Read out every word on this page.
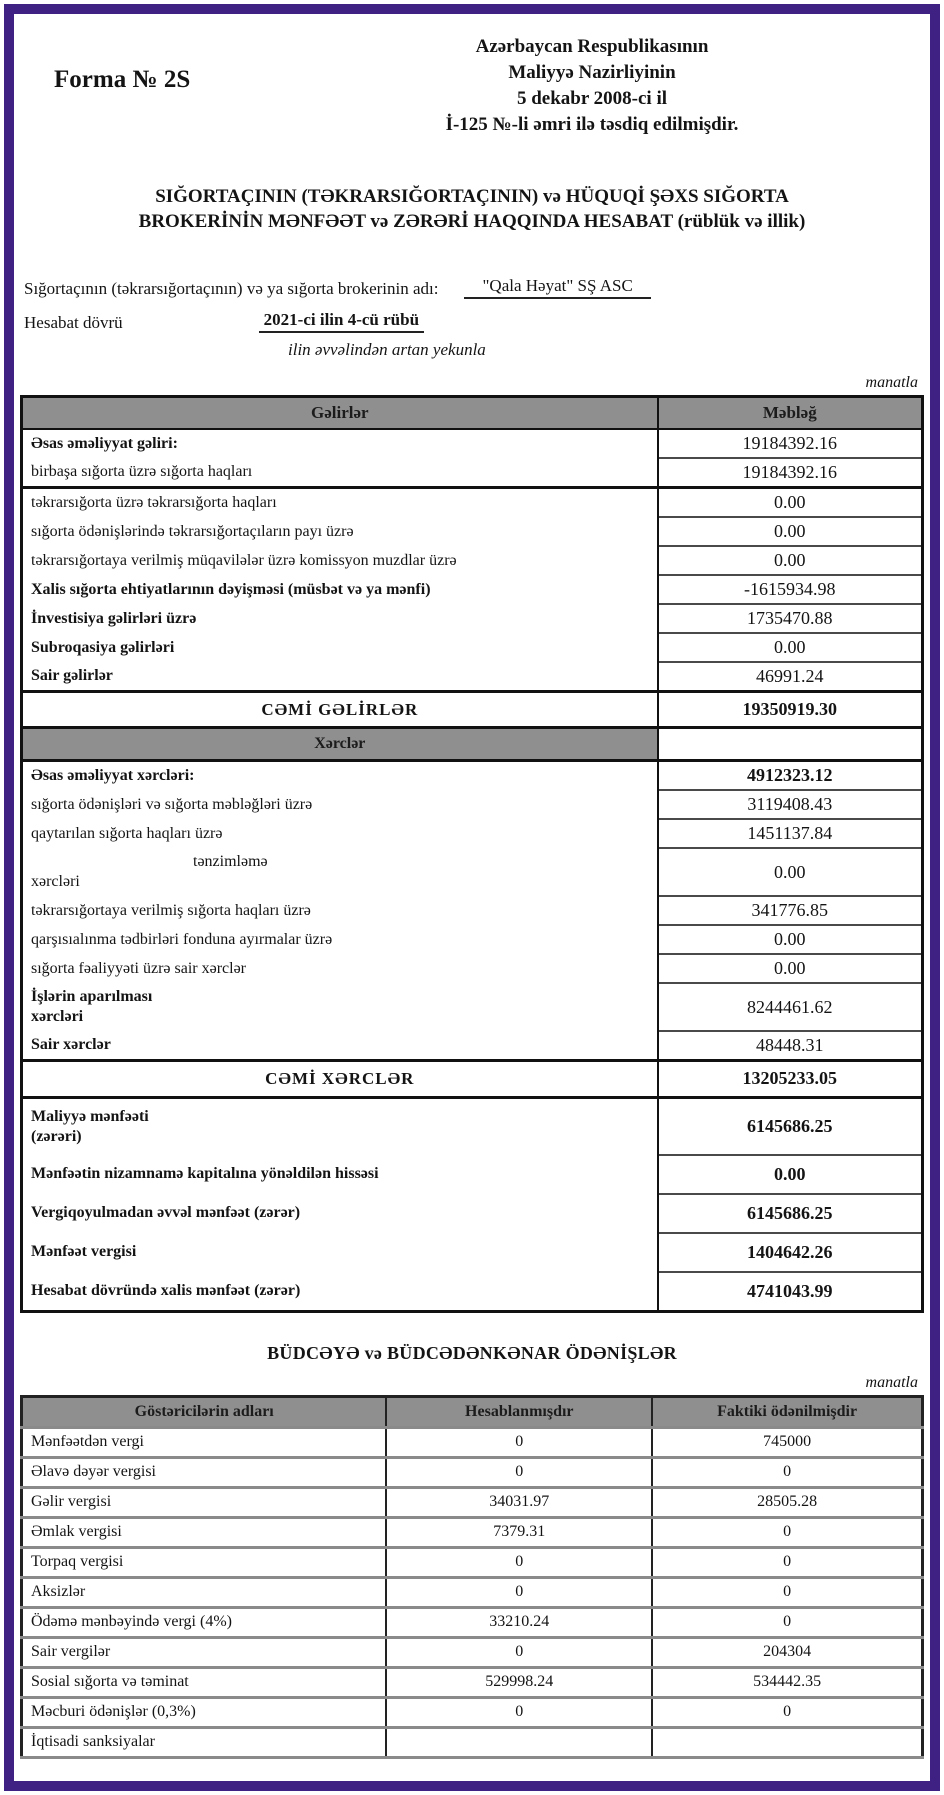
Forma № 2S
Azərbaycan Respublikasının
Maliyyə Nazirliyinin
5 dekabr 2008-ci il
İ-125 №-li əmri ilə təsdiq edilmişdir.
SIĞORTAÇININ (TƏKRARSIĞORTAÇININ) və HÜQUQİ ŞƏXS SIĞORTA
BROKERİNİN MƏNFƏƏT və ZƏRƏRİ HAQQINDA HESABAT (rüblük və illik)
Sığortaçının (təkrarsığortaçının) və ya sığorta brokerinin adı:	"Qala Həyat" SŞ ASC
Hesabat dövrü	2021-ci ilin 4-cü rübü
ilin əvvəlindən artan yekunla
manatla
Gəlirlər	Məbləğ
Əsas əməliyyat gəliri:	19184392.16
birbaşa sığorta üzrə sığorta haqları	19184392.16
təkrarsığorta üzrə təkrarsığorta haqları	0.00
sığorta ödənişlərində təkrarsığortaçıların payı üzrə	0.00
təkrarsığortaya verilmiş müqavilələr üzrə komissyon muzdlar üzrə	0.00
Xalis sığorta ehtiyatlarının dəyişməsi (müsbət və ya mənfi)	-1615934.98
İnvestisiya gəlirləri üzrə	1735470.88
Subroqasiya gəlirləri	0.00
Sair gəlirlər	46991.24
CƏMİ GƏLİRLƏR	19350919.30
Xərclər	
Əsas əməliyyat xərcləri:	4912323.12
sığorta ödənişləri və sığorta məbləğləri üzrə	3119408.43
qaytarılan sığorta haqları üzrə	1451137.84

tənzimləmə
xərcləri	0.00
təkrarsığortaya verilmiş sığorta haqları üzrə	341776.85
qarşısıalınma tədbirləri fonduna ayırmalar üzrə	0.00
sığorta fəaliyyəti üzrə sair xərclər	0.00

İşlərin aparılması
xərcləri	8244461.62
Sair xərclər	48448.31
CƏMİ XƏRCLƏR	13205233.05

Maliyyə mənfəəti
(zərəri)	6145686.25
Mənfəətin nizamnamə kapitalına yönəldilən hissəsi	0.00
Vergiqoyulmadan əvvəl mənfəət (zərər)	6145686.25
Mənfəət vergisi	1404642.26
Hesabat dövründə xalis mənfəət (zərər)	4741043.99
BÜDCƏYƏ və BÜDCƏDƏNKƏNAR ÖDƏNİŞLƏR
manatla
Göstəricilərin adları	Hesablanmışdır	Faktiki ödənilmişdir
Mənfəətdən vergi	0	745000
Əlavə dəyər vergisi	0	0
Gəlir vergisi	34031.97	28505.28
Əmlak vergisi	7379.31	0
Torpaq vergisi	0	0
Aksizlər	0	0
Ödəmə mənbəyində vergi (4%)	33210.24	0
Sair vergilər	0	204304
Sosial sığorta və təminat	529998.24	534442.35
Məcburi ödənişlər (0,3%)	0	0
İqtisadi sanksiyalar		
